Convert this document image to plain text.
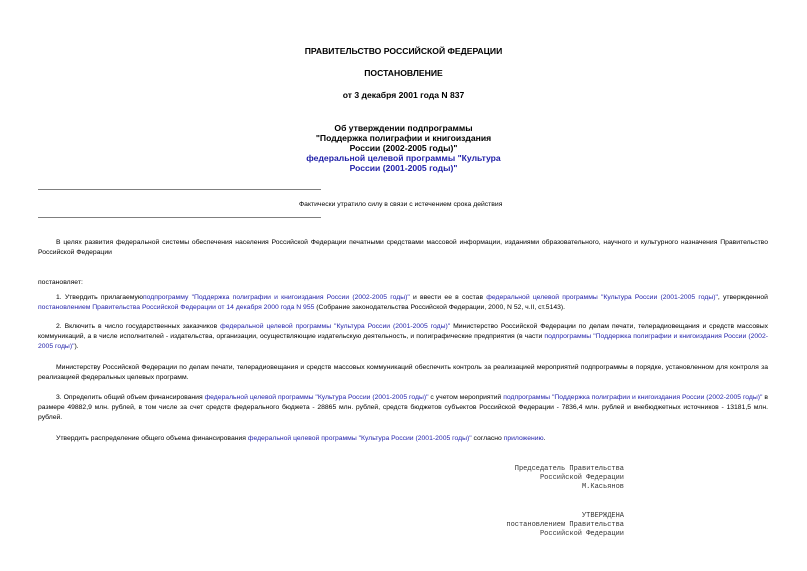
ПРАВИТЕЛЬСТВО РОССИЙСКОЙ ФЕДЕРАЦИИ
ПОСТАНОВЛЕНИЕ
от 3 декабря 2001 года N 837
Об утверждении подпрограммы
"Поддержка полиграфии и книгоиздания
России (2002-2005 годы)"
федеральной целевой программы "Культура
России (2001-2005 годы)"
Фактически утратило силу в связи с истечением срока действия
В целях развития федеральной системы обеспечения населения Российской Федерации печатными средствами массовой информации, изданиями образовательного, научного и культурного назначения Правительство Российской Федерации
постановляет:
1. Утвердить прилагаемуюподпрограмму "Поддержка полиграфии и книгоиздания России (2002-2005 годы)" и ввести ее в состав федеральной целевой программы "Культура России (2001-2005 годы)", утвержденной постановлением Правительства Российской Федерации от 14 декабря 2000 года N 955 (Собрание законодательства Российской Федерации, 2000, N 52, ч.II, ст.5143).
2. Включить в число государственных заказчиков федеральной целевой программы "Культура России (2001-2005 годы)" Министерство Российской Федерации по делам печати, телерадиовещания и средств массовых коммуникаций, а в числе исполнителей - издательства, организации, осуществляющие издательскую деятельность, и полиграфические предприятия (в части подпрограммы "Поддержка полиграфии и книгоиздания России (2002-2005 годы)").
Министерству Российской Федерации по делам печати, телерадиовещания и средств массовых коммуникаций обеспечить контроль за реализацией мероприятий подпрограммы в порядке, установленном для контроля за реализацией федеральных целевых программ.
3. Определить общий объем финансирования федеральной целевой программы "Культура России (2001-2005 годы)" с учетом мероприятий подпрограммы "Поддержка полиграфии и книгоиздания России (2002-2005 годы)" в размере 49882,9 млн. рублей, в том числе за счет средств федерального бюджета - 28865 млн. рублей, средств бюджетов субъектов Российской Федерации - 7836,4 млн. рублей и внебюджетных источников - 13181,5 млн. рублей.
Утвердить распределение общего объема финансирования федеральной целевой программы "Культура России (2001-2005 годы)" согласно приложению.
Председатель Правительства
Российской Федерации
М.Касьянов
УТВЕРЖДЕНА
постановлением Правительства
Российской Федерации
